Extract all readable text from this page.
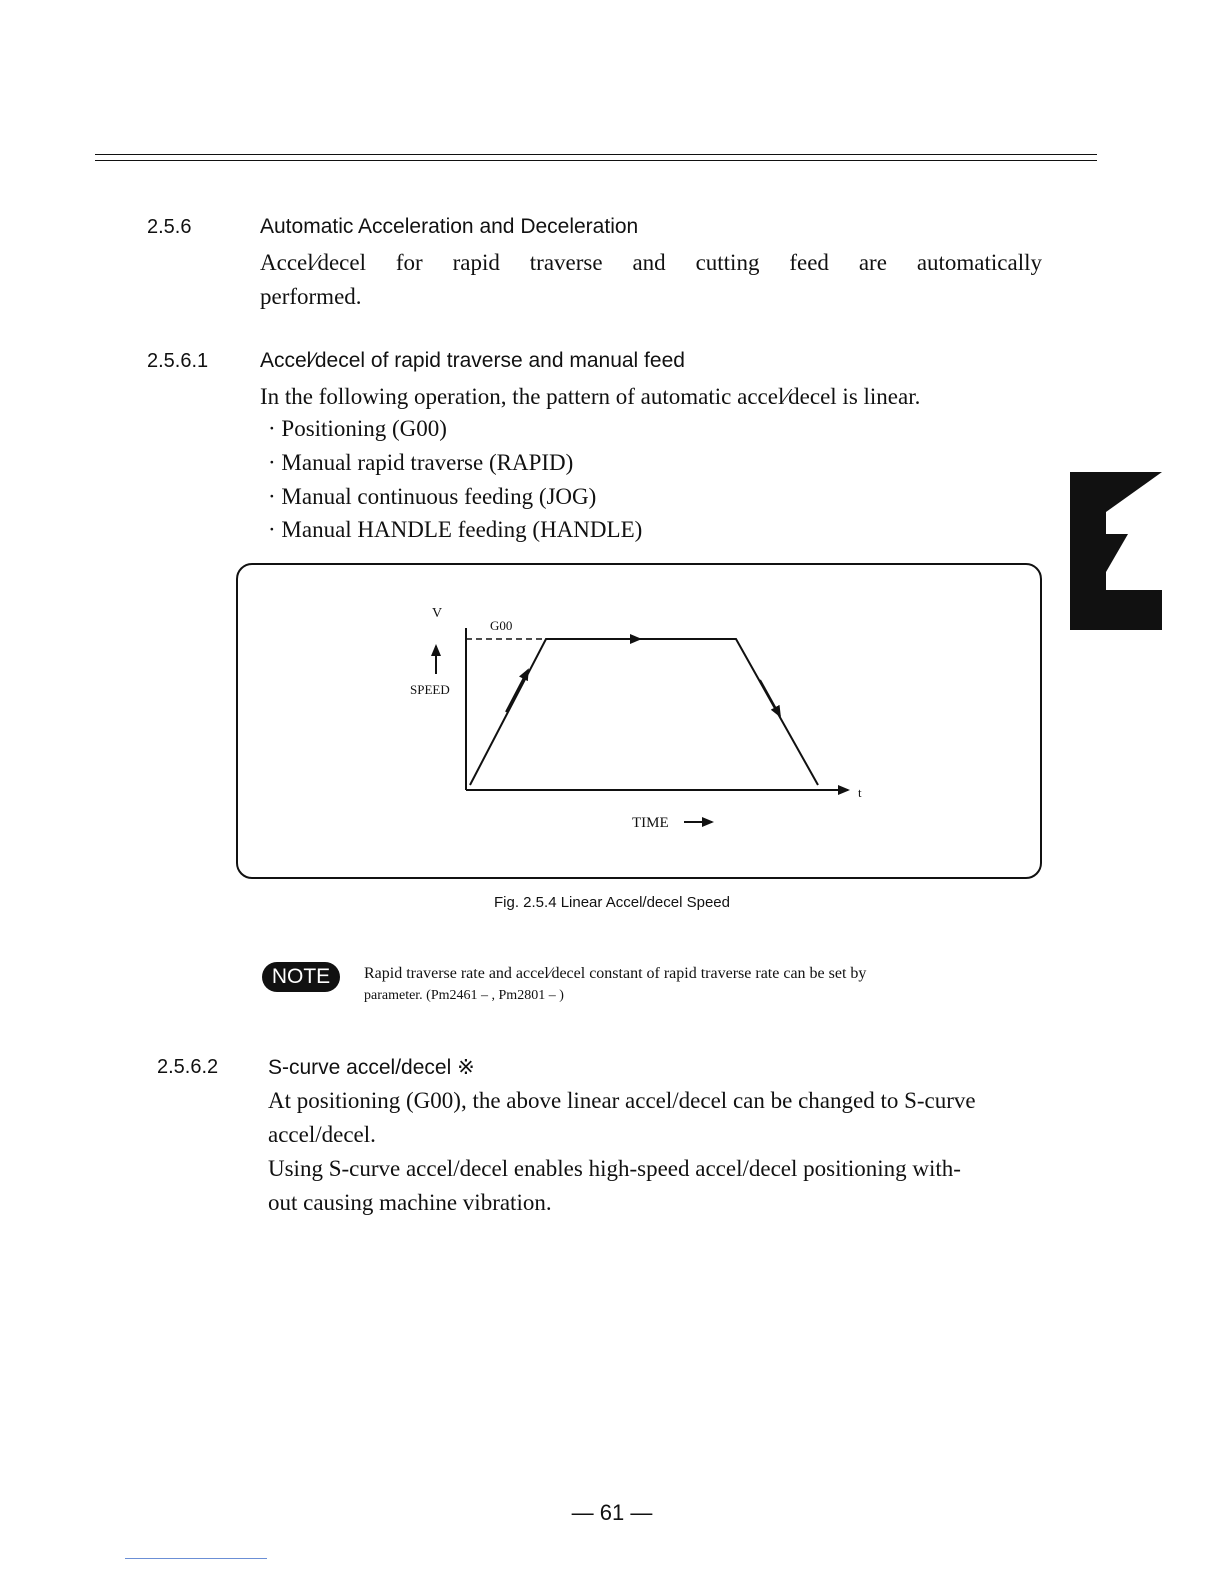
2.5.6	Automatic Acceleration and Deceleration
Accel∕decel for rapid traverse and cutting feed are automatically
performed.
2.5.6.1 Accel∕decel of rapid traverse and manual feed
In the following operation, the pattern of automatic accel∕decel is linear.
· Positioning (G00)
· Manual rapid traverse (RAPID)
· Manual continuous feeding (JOG)
· Manual HANDLE feeding (HANDLE)
V
G00
SPEED
t
TIME
Fig. 2.5.4 Linear Accel/decel Speed
NOTE	Rapid traverse rate and accel∕decel constant of rapid traverse rate can be set by
parameter. (Pm2461 – , Pm2801 – )
2.5.6.2 S-curve accel/decel ※
At positioning (G00), the above linear accel/decel can be changed to S-curve
accel/decel.
Using S-curve accel/decel enables high-speed accel/decel positioning with-
out causing machine vibration.
— 61 —
